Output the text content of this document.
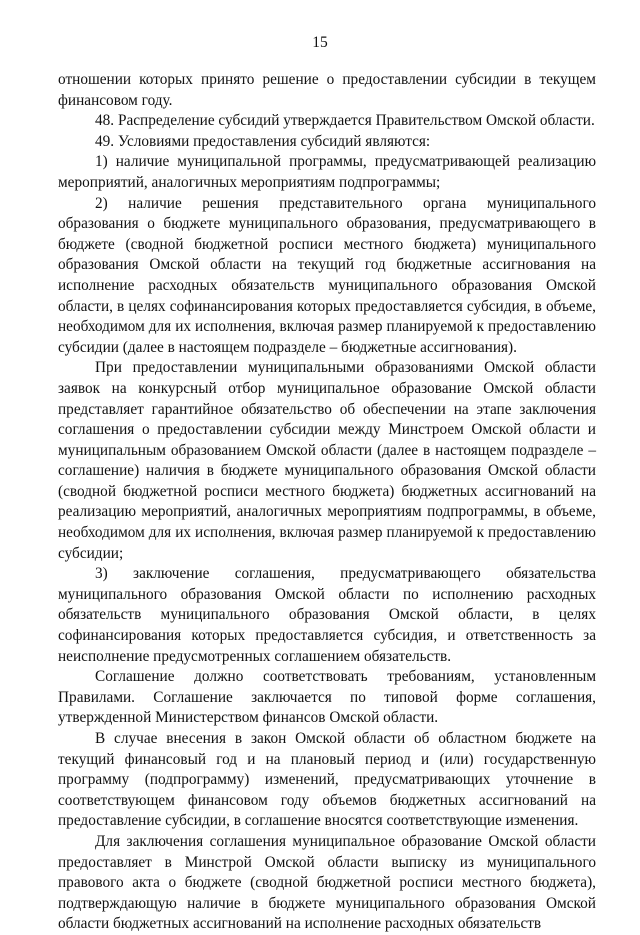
15

отношении которых принято решение о предоставлении субсидии в текущем финансовом году.

48. Распределение субсидий утверждается Правительством Омской области.

49. Условиями предоставления субсидий являются:

1) наличие муниципальной программы, предусматривающей реализацию мероприятий, аналогичных мероприятиям подпрограммы;

2) наличие решения представительного органа муниципального образования о бюджете муниципального образования, предусматривающего в бюджете (сводной бюджетной росписи местного бюджета) муниципального образования Омской области на текущий год бюджетные ассигнования на исполнение расходных обязательств муниципального образования Омской области, в целях софинансирования которых предоставляется субсидия, в объеме, необходимом для их исполнения, включая размер планируемой к предоставлению субсидии (далее в настоящем подразделе – бюджетные ассигнования).

При предоставлении муниципальными образованиями Омской области заявок на конкурсный отбор муниципальное образование Омской области представляет гарантийное обязательство об обеспечении на этапе заключения соглашения о предоставлении субсидии между Минстроем Омской области и муниципальным образованием Омской области (далее в настоящем подразделе – соглашение) наличия в бюджете муниципального образования Омской области (сводной бюджетной росписи местного бюджета) бюджетных ассигнований на реализацию мероприятий, аналогичных мероприятиям подпрограммы, в объеме, необходимом для их исполнения, включая размер планируемой к предоставлению субсидии;

3) заключение соглашения, предусматривающего обязательства муниципального образования Омской области по исполнению расходных обязательств муниципального образования Омской области, в целях софинансирования которых предоставляется субсидия, и ответственность за неисполнение предусмотренных соглашением обязательств.

Соглашение должно соответствовать требованиям, установленным Правилами. Соглашение заключается по типовой форме соглашения, утвержденной Министерством финансов Омской области.

В случае внесения в закон Омской области об областном бюджете на текущий финансовый год и на плановый период и (или) государственную программу (подпрограмму) изменений, предусматривающих уточнение в соответствующем финансовом году объемов бюджетных ассигнований на предоставление субсидии, в соглашение вносятся соответствующие изменения.

Для заключения соглашения муниципальное образование Омской области предоставляет в Минстрой Омской области выписку из муниципального правового акта о бюджете (сводной бюджетной росписи местного бюджета), подтверждающую наличие в бюджете муниципального образования Омской области бюджетных ассигнований на исполнение расходных обязательств
